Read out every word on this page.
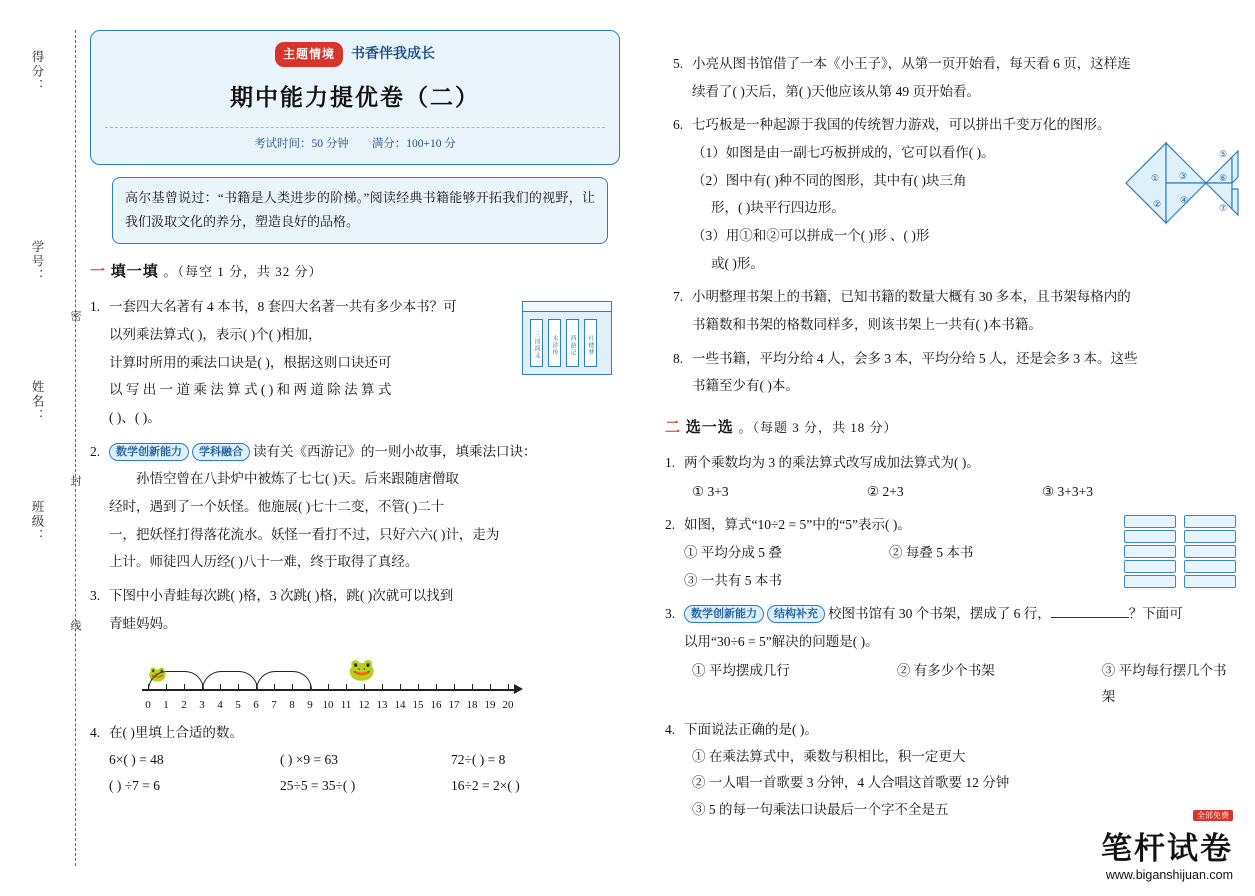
得分：
学号：
姓名：
班级：
密
封
线
主题情境	书香伴我成长
期中能力提优卷（二）
考试时间：50 分钟 满分：100+10 分
高尔基曾说过：“书籍是人类进步的阶梯。”阅读经典书籍能够开拓我们的视野，让我们汲取文化的养分，塑造良好的品格。
一 填一填 。（每空 1 分，共 32 分）
1. 一套四大名著有 4 本书，8 套四大名著一共有多少本书？可
以列乘法算式( )，表示( )个( )相加，
计算时所用的乘法口诀是( )，根据这则口诀还可
以 写 出 一 道 乘 法 算 式 ( ) 和 两 道 除 法 算 式
( )、( )。
三国演义	水浒传	西游记	红楼梦
2.	数学创新能力 学科融合 读有关《西游记》的一则小故事，填乘法口诀：
孙悟空曾在八卦炉中被炼了七七( )天。后来跟随唐僧取
经时，遇到了一个妖怪。他施展( )七十二变，不管( )二十
一，把妖怪打得落花流水。妖怪一看打不过，只好六六( )计，走为
上计。师徒四人历经( )八十一难，终于取得了真经。
3. 下图中小青蛙每次跳( )格，3 次跳( )格，跳( )次就可以找到
青蛙妈妈。
🐸	🐸
0 1 2 3 4 5 6 7 8 9 10 11 12 13 14 15 16 17 18 19 20
4. 在( )里填上合适的数。
6×( ) = 48	( ) ×9 = 63	72÷( ) = 8
( ) ÷7 = 6	25÷5 = 35÷( )	16÷2 = 2×( )
5. 小亮从图书馆借了一本《小王子》，从第一页开始看，每天看 6 页，这样连
续看了( )天后，第( )天他应该从第 49 页开始看。
6. 七巧板是一种起源于我国的传统智力游戏，可以拼出千变万化的图形。
（1）如图是由一副七巧板拼成的，它可以看作( )。
（2）图中有( )种不同的图形，其中有( )块三角
形，( )块平行四边形。
（3）用①和②可以拼成一个( )形 、( )形
或( )形。
①
②
③
④
⑤
⑥
⑦
7. 小明整理书架上的书籍，已知书籍的数量大概有 30 多本，且书架每格内的
书籍数和书架的格数同样多，则该书架上一共有( )本书籍。
8. 一些书籍，平均分给 4 人，会多 3 本，平均分给 5 人，还是会多 3 本。这些
书籍至少有( )本。
二 选一选 。（每题 3 分，共 18 分）
1. 两个乘数均为 3 的乘法算式改写成加法算式为( )。
① 3+3	② 2+3	③ 3+3+3
2. 如图，算式“10÷2 = 5”中的“5”表示( )。
① 平均分成 5 叠	② 每叠 5 本书
③ 一共有 5 本书
3.	数学创新能力 结构补充 校图书馆有 30 个书架，摆成了 6 行，	？下面可
以用“30÷6 = 5”解决的问题是( )。
① 平均摆成几行	② 有多少个书架	③ 平均每行摆几个书架
4. 下面说法正确的是( )。
① 在乘法算式中，乘数与积相比，积一定更大
② 一人唱一首歌要 3 分钟，4 人合唱这首歌要 12 分钟
③ 5 的每一句乘法口诀最后一个字不全是五	全部免费
笔杆试卷
www.biganshijuan.com
